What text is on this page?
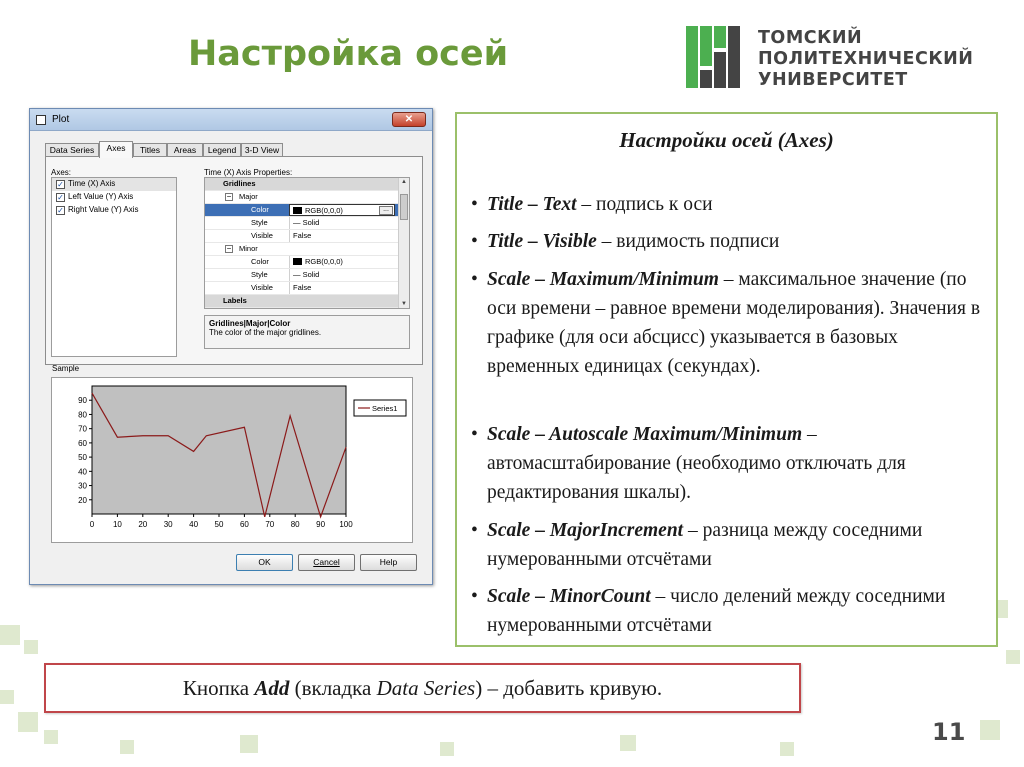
Настройка осей	ТОМСКИЙ
ПОЛИТЕХНИЧЕСКИЙ
УНИВЕРСИТЕТ
Plot	✕
Data Series	Axes	Titles	Areas	Legend	3-D View
Axes:
✓ Time (X) Axis
✓ Left Value (Y) Axis
✓ Right Value (Y) Axis
Time (X) Axis Properties:
Gridlines
− Major
Color	RGB(0,0,0)	...
Style	— Solid
Visible	False
− Minor
Color	RGB(0,0,0)
Style	— Solid
Visible	False
Labels
▲
▼
Gridlines|Major|Color
The color of the major gridlines.
Sample
20
30
40
50
60
70
80
90
0 10 20 30 40 50 60 70 80 90 100
Series1
OK	Cancel	Help
Настройки осей (Axes)
• Title – Text – подпись к оси
• Title – Visible – видимость подписи
• Scale – Maximum/Minimum – максимальное значение (по оси времени – равное времени моделирования). Значения в графике (для оси абсцисс) указывается в базовых временных единицах (секундах).
• Scale – Autoscale Maximum/Minimum – автомасштабирование (необходимо отключать для редактирования шкалы).
• Scale – MajorIncrement – разница между соседними нумерованными отсчётами
• Scale – MinorCount – число делений между соседними нумерованными отсчётами
Кнопка Add (вкладка Data Series) – добавить кривую.
11
